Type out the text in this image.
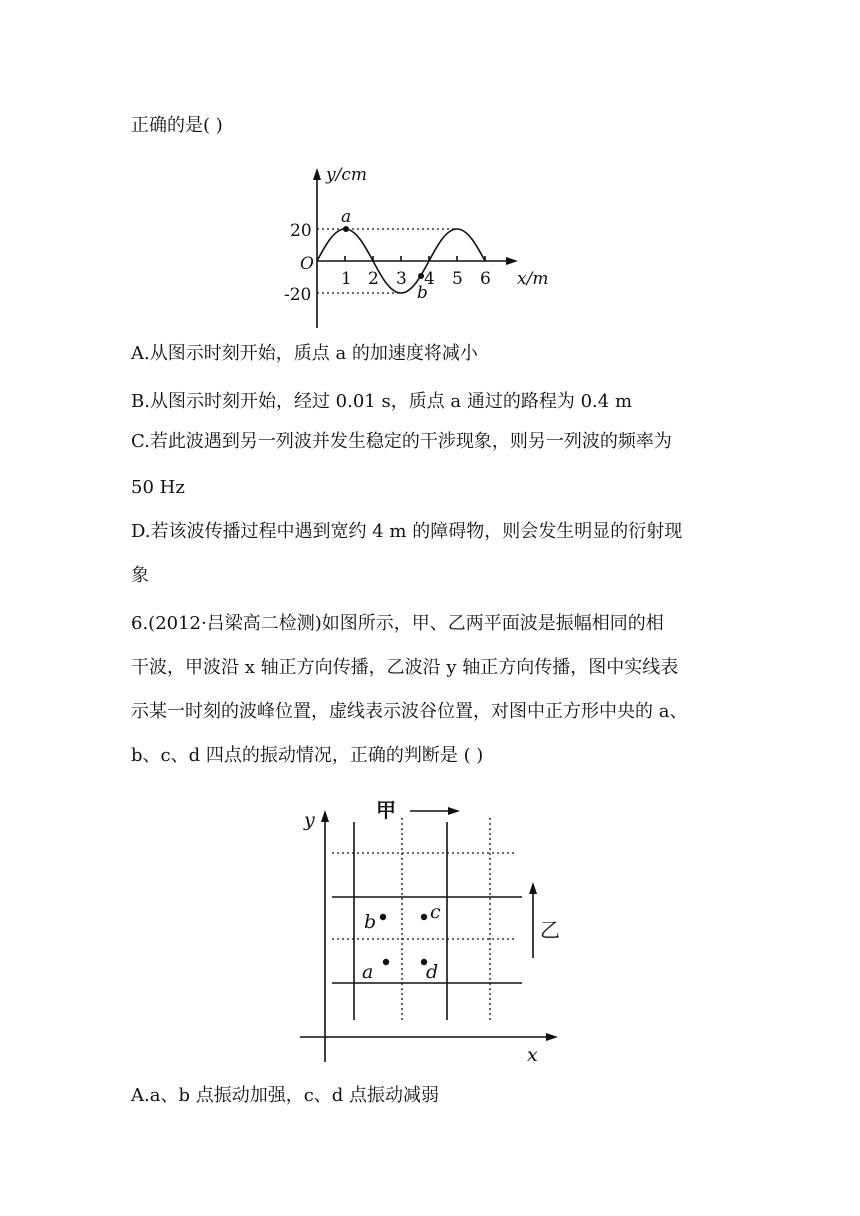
正确的是( )

y/cm
x/m
O
20
-20
1 2 3 4 5 6
a
b

A.从图示时刻开始，质点 a 的加速度将减小

B.从图示时刻开始，经过 0.01 s，质点 a 通过的路程为 0.4 m

C.若此波遇到另一列波并发生稳定的干涉现象，则另一列波的频率为

50 Hz

D.若该波传播过程中遇到宽约 4 m 的障碍物，则会发生明显的衍射现

象

6.(2012·吕梁高二检测)如图所示，甲、乙两平面波是振幅相同的相

干波，甲波沿 x 轴正方向传播，乙波沿 y 轴正方向传播，图中实线表

示某一时刻的波峰位置，虚线表示波谷位置，对图中正方形中央的 a、

b、c、d 四点的振动情况，正确的判断是 ( )

y
x
甲
乙
a
b	c
d

A.a、b 点振动加强，c、d 点振动减弱
